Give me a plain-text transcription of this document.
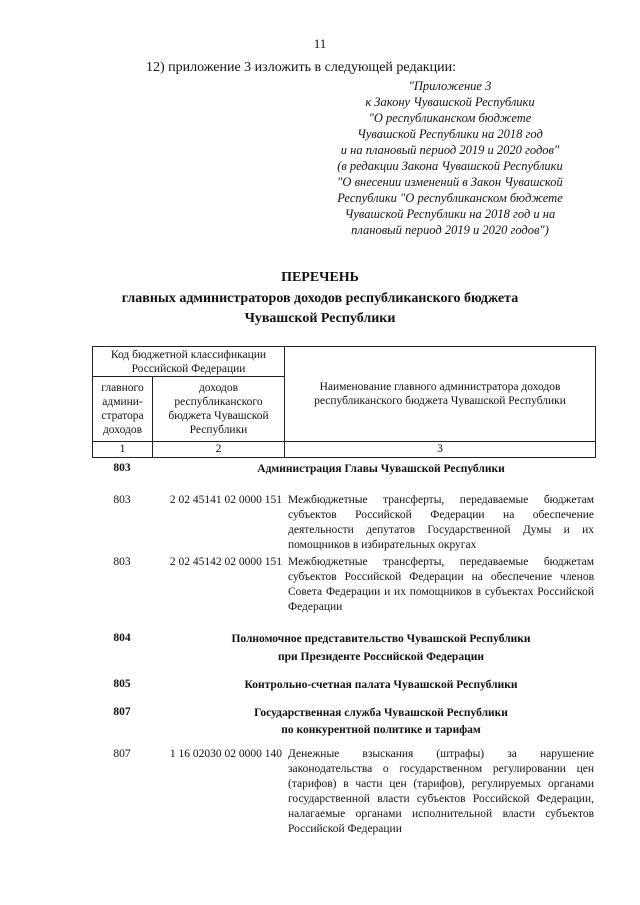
11
12) приложение 3 изложить в следующей редакции:
"Приложение 3
к Закону Чувашской Республики
"О республиканском бюджете
Чувашской Республики на 2018 год
и на плановый период 2019 и 2020 годов"
(в редакции Закона Чувашской Республики
"О внесении изменений в Закон Чувашской
Республики "О республиканском бюджете
Чувашской Республики на 2018 год и на
плановый период 2019 и 2020 годов")
ПЕРЕЧЕНЬ
главных администраторов доходов республиканского бюджета
Чувашской Республики
Код бюджетной классификации Российской Федерации		Наименование главного администратора доходов республиканского бюджета Чувашской Республики
главного админи-стратора доходов	доходов республиканского бюджета Чувашской Республики	
1	2	3
803	Администрация Главы Чувашской Республики
803	2 02 45141 02 0000 151 Межбюджетные трансферты, передаваемые бюджетам субъектов Российской Федерации на обеспечение деятельности депутатов Государственной Думы и их помощников в избирательных округах
803	2 02 45142 02 0000 151 Межбюджетные трансферты, передаваемые бюджетам субъектов Российской Федерации на обеспечение членов Совета Федерации и их помощников в субъектах Российской Федерации
804	Полномочное представительство Чувашской Республики
при Президенте Российской Федерации
805	Контрольно-счетная палата Чувашской Республики
807	Государственная служба Чувашской Республики
по конкурентной политике и тарифам
807	1 16 02030 02 0000 140 Денежные взыскания (штрафы) за нарушение законодательства о государственном регулировании цен (тарифов) в части цен (тарифов), регулируемых органами государственной власти субъектов Российской Федерации, налагаемые органами исполнительной власти субъектов Российской Федерации
